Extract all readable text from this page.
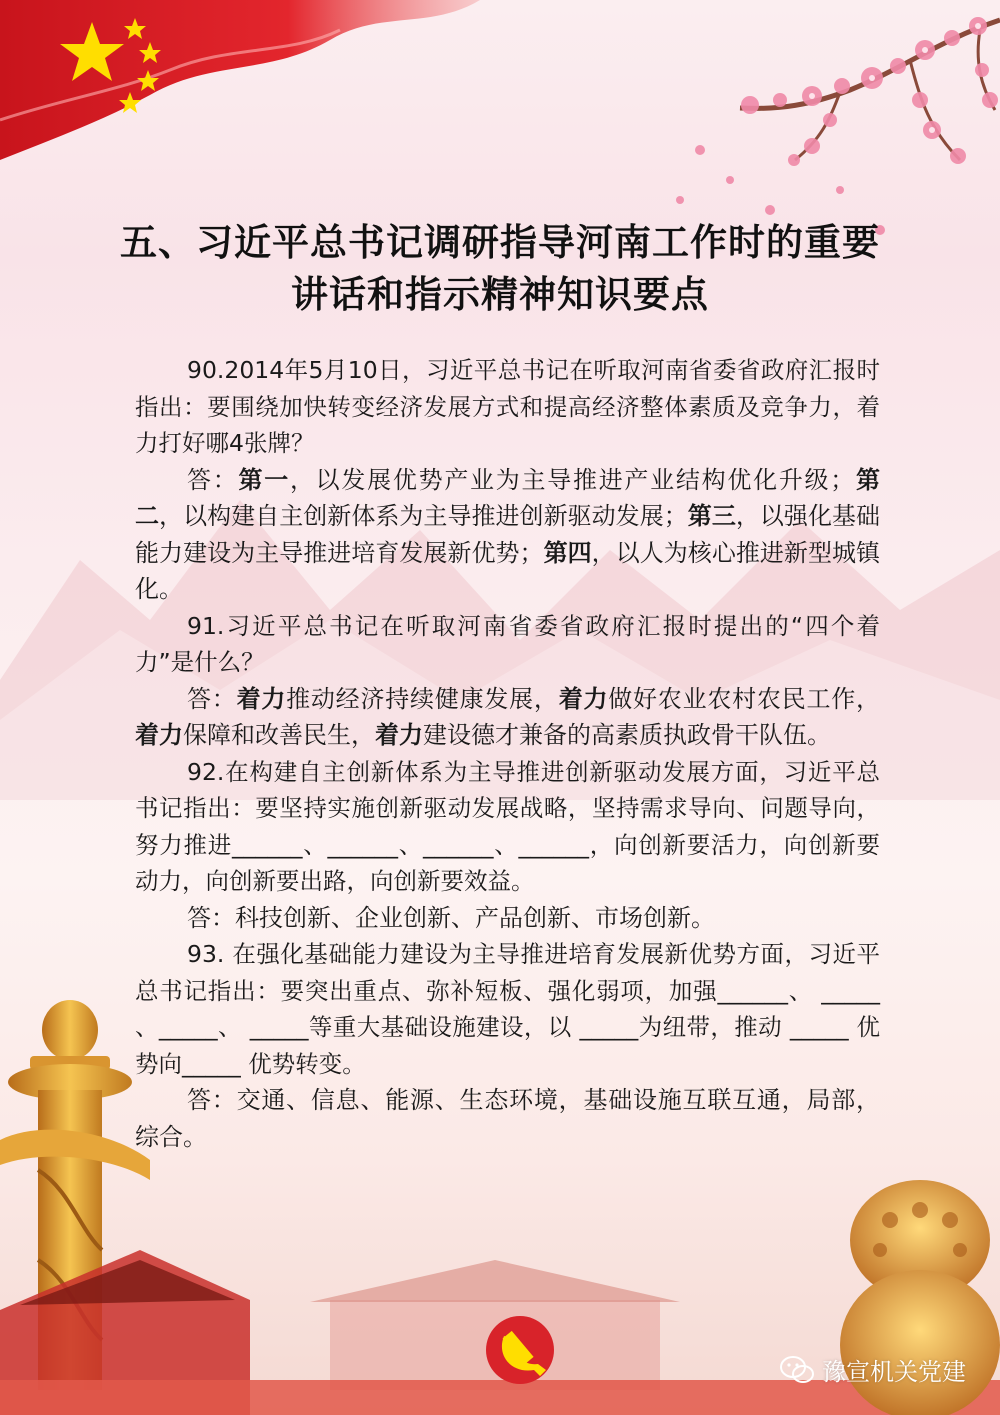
五、习近平总书记调研指导河南工作时的重要
讲话和指示精神知识要点

90.2014年5月10日，习近平总书记在听取河南省委省政府汇报时指出：要围绕加快转变经济发展方式和提高经济整体素质及竞争力，着力打好哪4张牌？

答：第一，以发展优势产业为主导推进产业结构优化升级；第二，以构建自主创新体系为主导推进创新驱动发展；第三，以强化基础能力建设为主导推进培育发展新优势；第四，以人为核心推进新型城镇化。

91.习近平总书记在听取河南省委省政府汇报时提出的“四个着力”是什么？

答：着力推动经济持续健康发展，着力做好农业农村农民工作，着力保障和改善民生，着力建设德才兼备的高素质执政骨干队伍。

92.在构建自主创新体系为主导推进创新驱动发展方面，习近平总书记指出：要坚持实施创新驱动发展战略，坚持需求导向、问题导向，努力推进______、______、______、______，向创新要活力，向创新要动力，向创新要出路，向创新要效益。

答：科技创新、企业创新、产品创新、市场创新。

93. 在强化基础能力建设为主导推进培育发展新优势方面，习近平总书记指出：要突出重点、弥补短板、强化弱项，加强______、 _____ 、_____、 _____等重大基础设施建设，以 _____为纽带，推动 _____ 优势向_____ 优势转变。

答：交通、信息、能源、生态环境，基础设施互联互通，局部，综合。

豫宣机关党建
